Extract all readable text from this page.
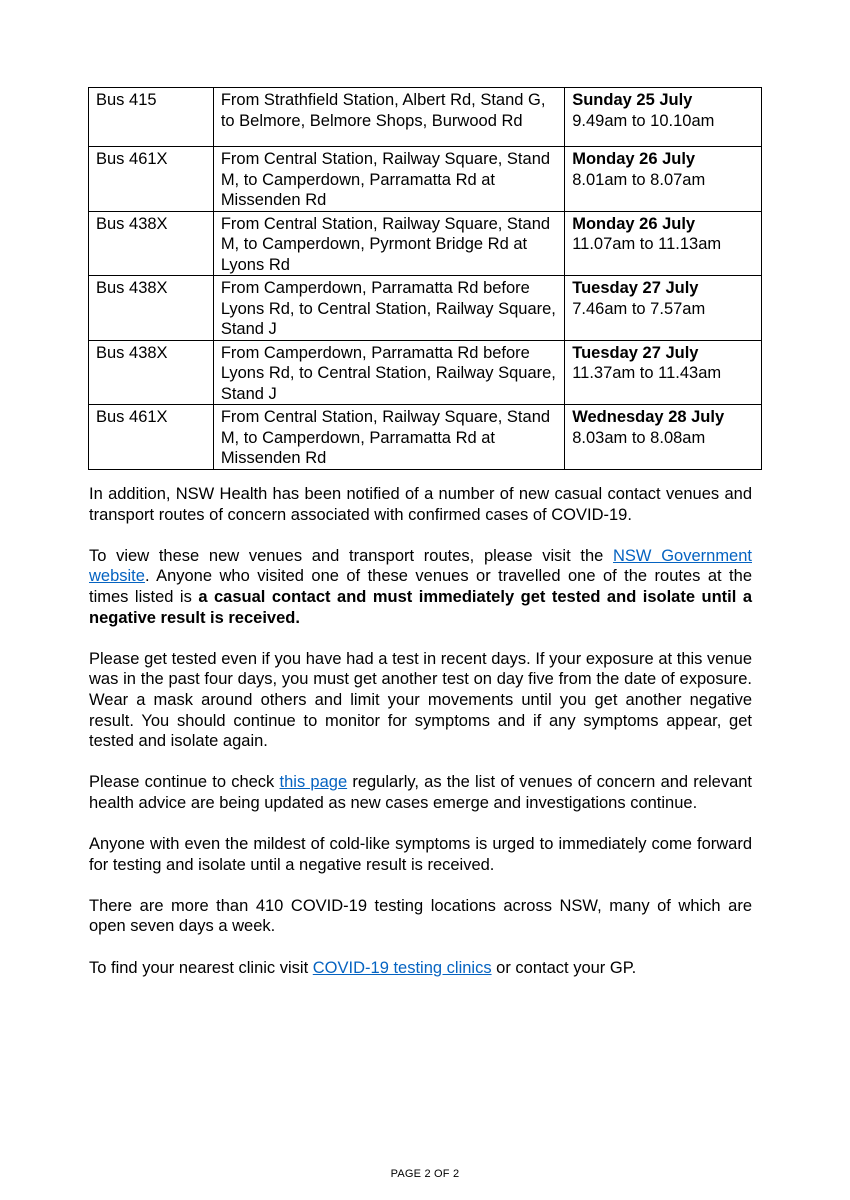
Bus 415	From Strathfield Station, Albert Rd, Stand G, to Belmore, Belmore Shops, Burwood Rd	Sunday 25 July
9.49am to 10.10am

Bus 461X	From Central Station, Railway Square, Stand M, to Camperdown, Parramatta Rd at Missenden Rd	Monday 26 July
8.01am to 8.07am

Bus 438X	From Central Station, Railway Square, Stand M, to Camperdown, Pyrmont Bridge Rd at Lyons Rd	Monday 26 July
11.07am to 11.13am

Bus 438X	From Camperdown, Parramatta Rd before Lyons Rd, to Central Station, Railway Square, Stand J	Tuesday 27 July
7.46am to 7.57am

Bus 438X	From Camperdown, Parramatta Rd before Lyons Rd, to Central Station, Railway Square, Stand J	Tuesday 27 July
11.37am to 11.43am

Bus 461X	From Central Station, Railway Square, Stand M, to Camperdown, Parramatta Rd at Missenden Rd	Wednesday 28 July
8.03am to 8.08am

In addition, NSW Health has been notified of a number of new casual contact venues and transport routes of concern associated with confirmed cases of COVID-19.

To view these new venues and transport routes, please visit the NSW Government website. Anyone who visited one of these venues or travelled one of the routes at the times listed is a casual contact and must immediately get tested and isolate until a negative result is received.

Please get tested even if you have had a test in recent days. If your exposure at this venue was in the past four days, you must get another test on day five from the date of exposure. Wear a mask around others and limit your movements until you get another negative result. You should continue to monitor for symptoms and if any symptoms appear, get tested and isolate again.

Please continue to check this page regularly, as the list of venues of concern and relevant health advice are being updated as new cases emerge and investigations continue.

Anyone with even the mildest of cold-like symptoms is urged to immediately come forward for testing and isolate until a negative result is received.

There are more than 410 COVID-19 testing locations across NSW, many of which are open seven days a week.

To find your nearest clinic visit COVID-19 testing clinics or contact your GP.

PAGE 2 OF 2
